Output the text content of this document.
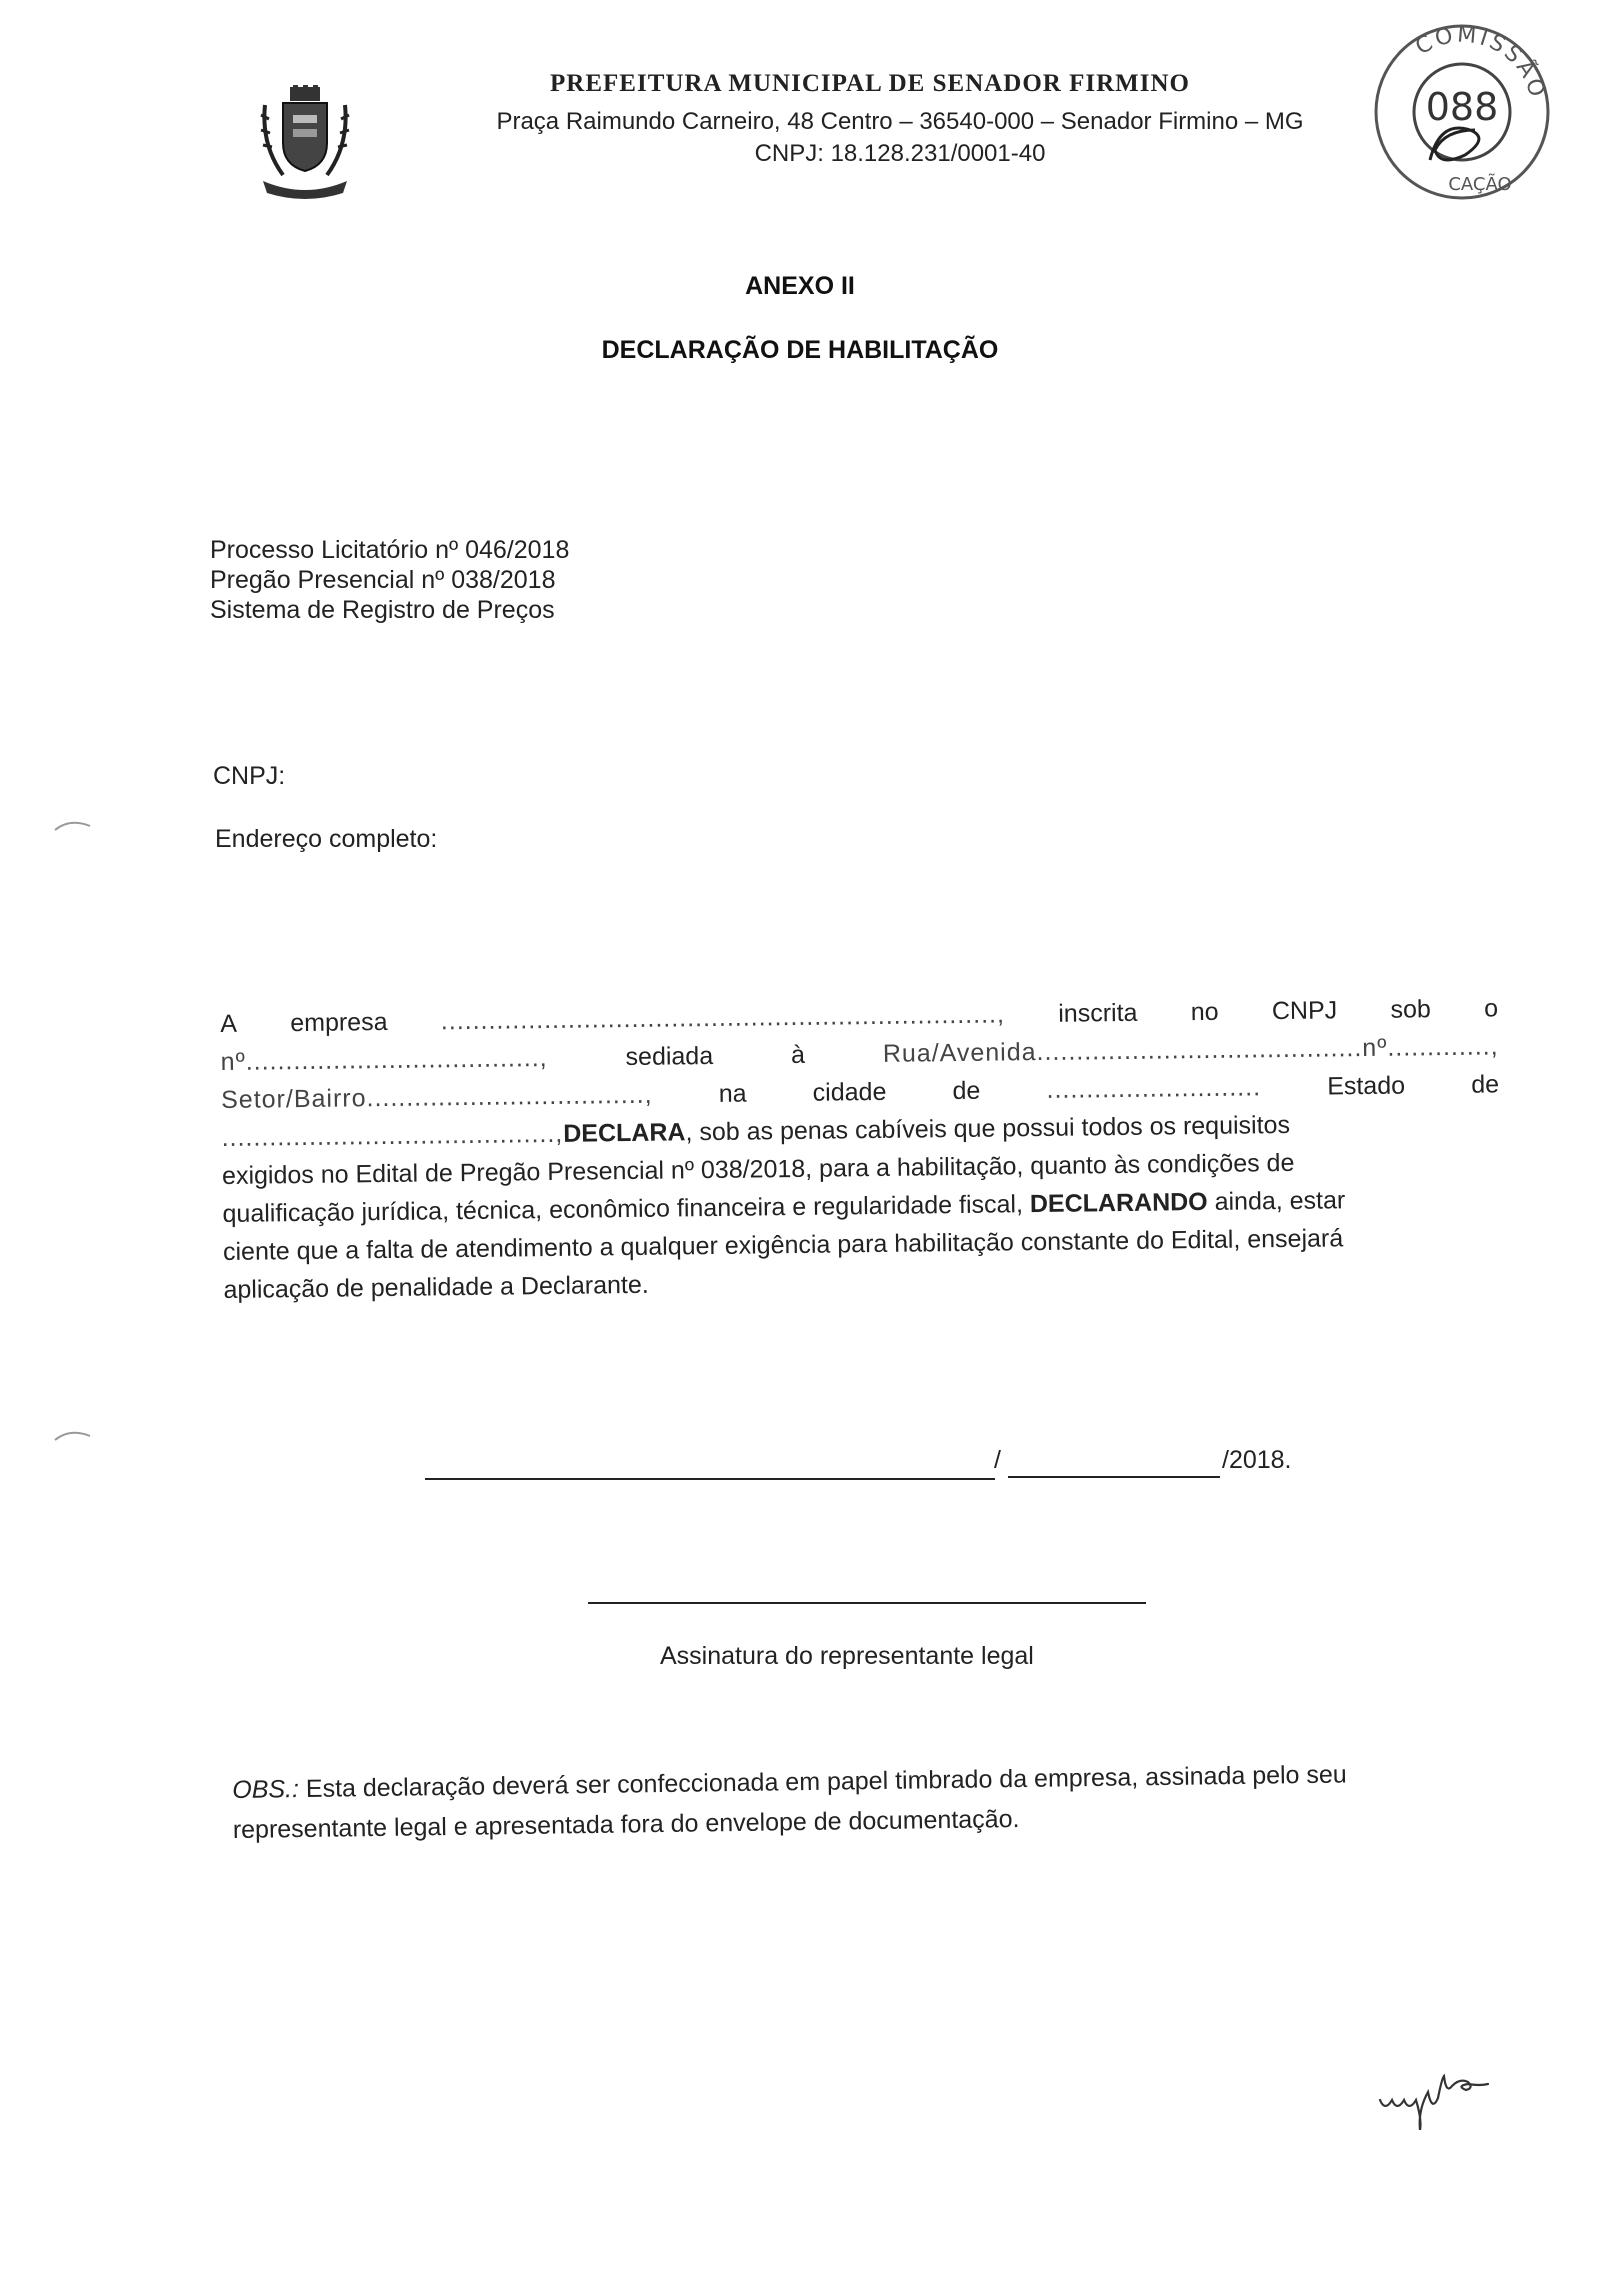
PREFEITURA MUNICIPAL DE SENADOR FIRMINO
Praça Raimundo Carneiro, 48 Centro – 36540-000 – Senador Firmino – MG
CNPJ: 18.128.231/0001-40
COMISSÃO
088
CAÇÃO
ANEXO II
DECLARAÇÃO DE HABILITAÇÃO
Processo Licitatório nº 046/2018
Pregão Presencial nº 038/2018
Sistema de Registro de Preços
CNPJ:
Endereço completo:
A empresa ......................................................................, inscrita no CNPJ sob o
nº.....................................,	sediada	à	Rua/Avenida.........................................nº.............,
Setor/Bairro...................................,	na	cidade	de	...........................	Estado	de
.........................................., DECLARA , sob as penas cabíveis que possui todos os requisitos
exigidos no Edital de Pregão Presencial nº 038/2018, para a habilitação, quanto às condições de
qualificação jurídica, técnica, econômico financeira e regularidade fiscal,
DECLARANDO
ainda, estar
ciente que a falta de atendimento a qualquer exigência para habilitação constante do Edital, ensejará
aplicação de penalidade a Declarante.
/	/2018.
Assinatura do representante legal
OBS.: Esta declaração deverá ser confeccionada em papel timbrado da empresa, assinada pelo seu
representante legal e apresentada fora do envelope de documentação.
